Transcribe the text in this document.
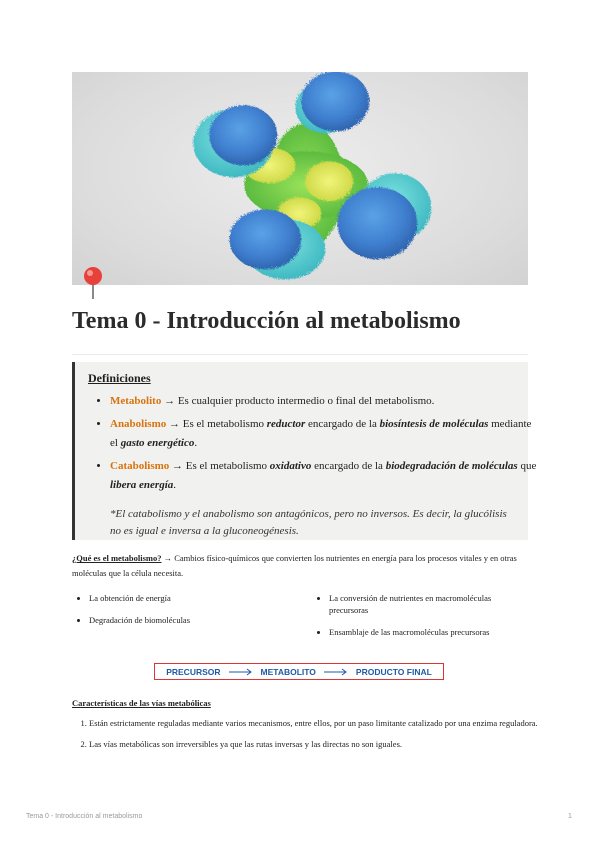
Tema 0 - Introducción al metabolismo
Definiciones
• Metabolito → Es cualquier producto intermedio o final del metabolismo.
• Anabolismo → Es el metabolismo reductor encargado de la biosíntesis de moléculas mediante el gasto energético.
• Catabolismo → Es el metabolismo oxidativo encargado de la biodegradación de moléculas que libera energía.
*El catabolismo y el anabolismo son antagónicos, pero no inversos. Es decir, la glucólisis no es igual e inversa a la gluconeogénesis.

¿Qué es el metabolismo? → Cambios físico-químicos que convierten los nutrientes en energía para los procesos vitales y en otras moléculas que la célula necesita.

• La obtención de energía
• Degradación de biomoléculas
• La conversión de nutrientes en macromoléculas precursoras
• Ensamblaje de las macromoléculas precursoras
PRECURSOR	METABOLITO	PRODUCTO FINAL
Características de las vías metabólicas
1. Están estrictamente reguladas mediante varios mecanismos, entre ellos, por un paso limitante catalizado por una enzima reguladora.
2. Las vías metabólicas son irreversibles ya que las rutas inversas y las directas no son iguales.
Tema 0 - Introducción al metabolismo	1
